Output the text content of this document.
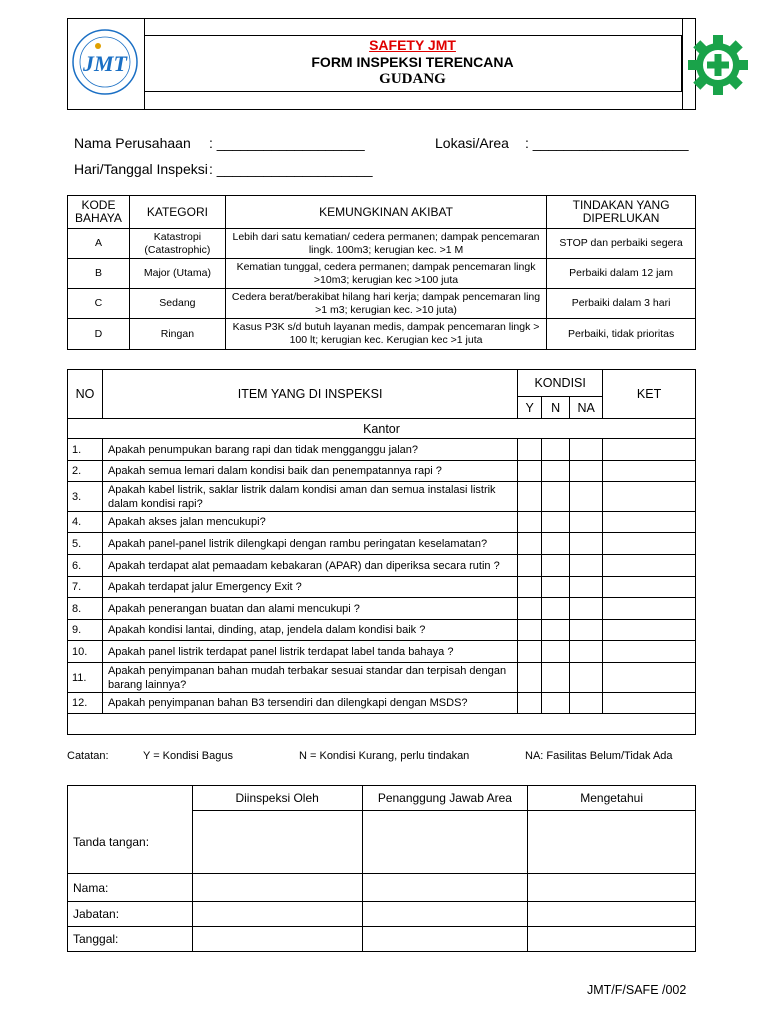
JMT
SAFETY JMT
FORM INSPEKSI TERENCANA
GUDANG
Nama Perusahaan : ___________________	Lokasi/Area : ____________________
Hari/Tanggal Inspeksi : ____________________
KODE BAHAYA	KATEGORI	KEMUNGKINAN AKIBAT	TINDAKAN YANG DIPERLUKAN
A	Katastropi (Catastrophic)	Lebih dari satu kematian/ cedera permanen; dampak pencemaran lingk. 100m3; kerugian kec. >1 M	STOP dan perbaiki segera
B	Major (Utama)	Kematian tunggal, cedera permanen; dampak pencemaran lingk >10m3; kerugian kec >100 juta	Perbaiki dalam 12 jam
C	Sedang	Cedera berat/berakibat hilang hari kerja; dampak pencemaran ling >1 m3; kerugian kec. >10 juta)	Perbaiki dalam 3 hari
D	Ringan	Kasus P3K s/d butuh layanan medis, dampak pencemaran lingk > 100 lt; kerugian kec. Kerugian kec >1 juta	Perbaiki, tidak prioritas
NO	ITEM YANG DI INSPEKSI	KONDISI			KET
		Y	N	NA	
Kantor					
1.	Apakah penumpukan barang rapi dan tidak mengganggu jalan?				
2.	Apakah semua lemari dalam kondisi baik dan penempatannya rapi ?				
3.	Apakah kabel listrik, saklar listrik dalam kondisi aman dan semua instalasi listrik dalam kondisi rapi?				
4.	Apakah akses jalan mencukupi?				
5.	Apakah panel-panel listrik dilengkapi dengan rambu peringatan keselamatan?				
6.	Apakah terdapat alat pemaadam kebakaran (APAR) dan diperiksa secara rutin ?				
7.	Apakah terdapat jalur Emergency Exit ?				
8.	Apakah penerangan buatan dan alami mencukupi ?				
9.	Apakah kondisi lantai, dinding, atap, jendela dalam kondisi baik ?				
10.	Apakah panel listrik terdapat panel listrik terdapat label tanda bahaya ?				
11.	Apakah penyimpanan bahan mudah terbakar sesuai standar dan terpisah dengan barang lainnya?				
12.	Apakah penyimpanan bahan B3 tersendiri dan dilengkapi dengan MSDS?				

Catatan:	Y = Kondisi Bagus	N = Kondisi Kurang, perlu tindakan	NA: Fasilitas Belum/Tidak Ada
	Diinspeksi Oleh	Penanggung Jawab Area	Mengetahui
Tanda tangan:			
Nama:			
Jabatan:			
Tanggal:			
JMT/F/SAFE /002
